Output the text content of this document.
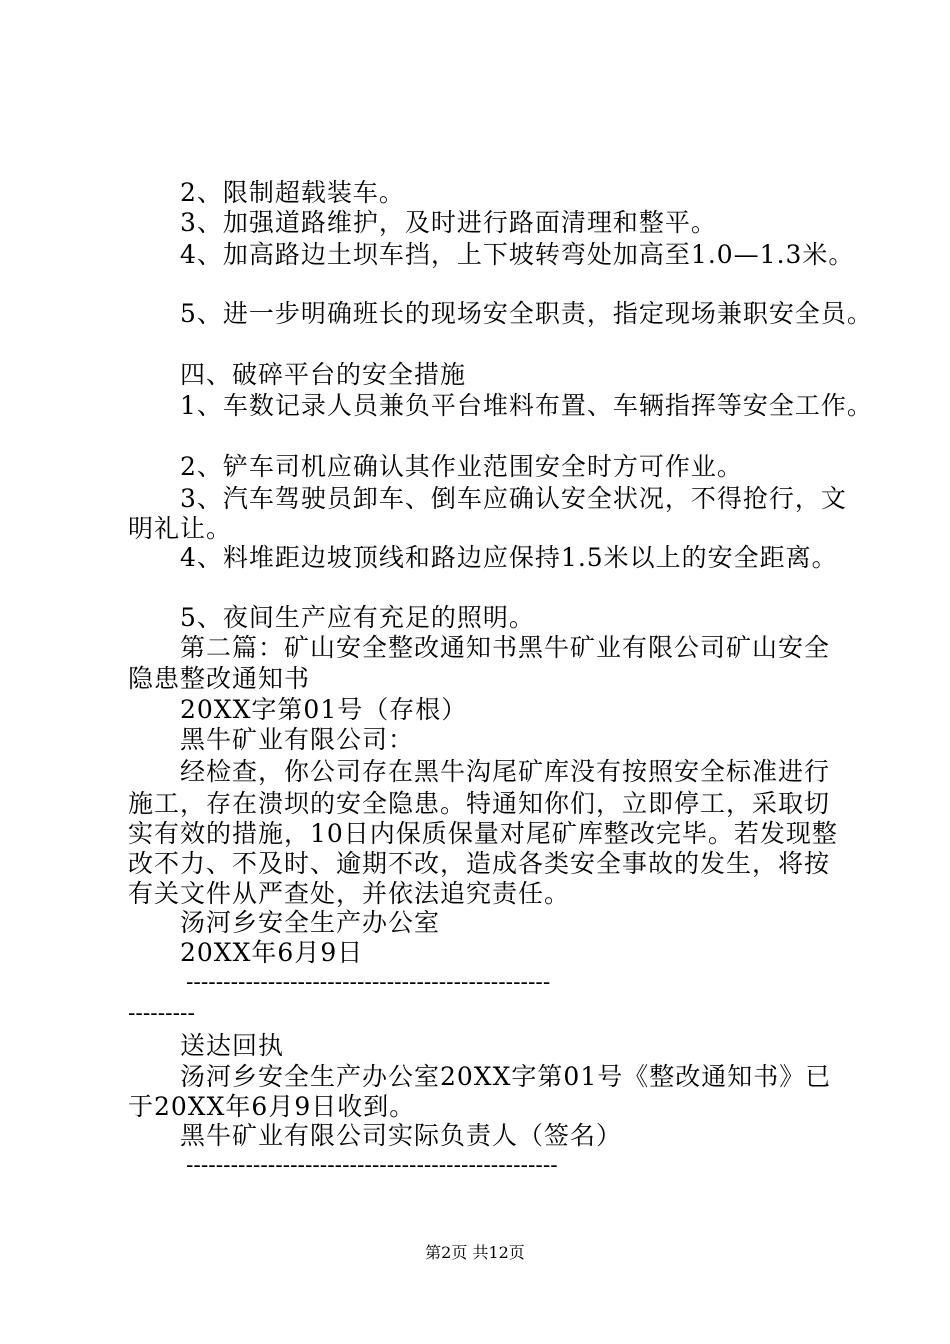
2、限制超载装车。
3、加强道路维护，及时进行路面清理和整平。
4、加高路边土坝车挡，上下坡转弯处加高至1.0—1.3米。
5、进一步明确班长的现场安全职责，指定现场兼职安全员。
四、破碎平台的安全措施
1、车数记录人员兼负平台堆料布置、车辆指挥等安全工作。
2、铲车司机应确认其作业范围安全时方可作业。
3、汽车驾驶员卸车、倒车应确认安全状况，不得抢行，文
明礼让。
4、料堆距边坡顶线和路边应保持1.5米以上的安全距离。
5、夜间生产应有充足的照明。
第二篇：矿山安全整改通知书黑牛矿业有限公司矿山安全
隐患整改通知书
20XX字第01号（存根）
黑牛矿业有限公司：
经检查，你公司存在黑牛沟尾矿库没有按照安全标准进行
施工，存在溃坝的安全隐患。特通知你们，立即停工，采取切
实有效的措施，10日内保质保量对尾矿库整改完毕。若发现整
改不力、不及时、逾期不改，造成各类安全事故的发生，将按
有关文件从严查处，并依法追究责任。
汤河乡安全生产办公室
20XX年6月9日
-------------------------------------------------
---------
送达回执
汤河乡安全生产办公室20XX字第01号《整改通知书》已
于20XX年6月9日收到。
黑牛矿业有限公司实际负责人（签名）
--------------------------------------------------
第2页 共12页
